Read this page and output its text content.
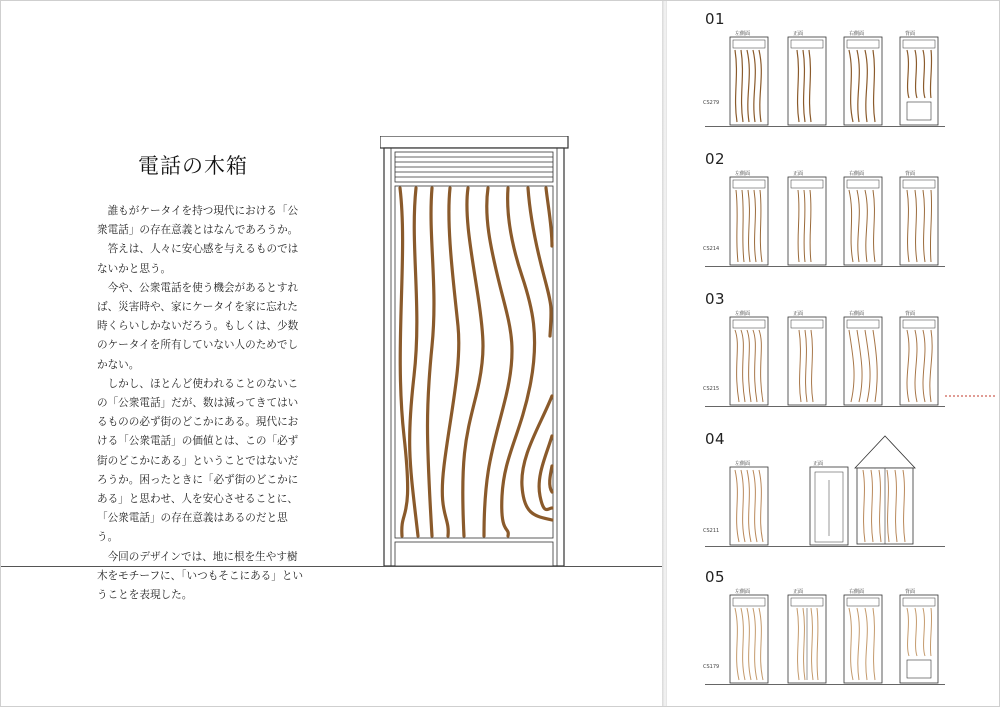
電話の木箱

　誰もがケータイを持つ現代における「公衆電話」の存在意義とはなんであろうか。

　答えは、人々に安心感を与えるものではないかと思う。

　今や、公衆電話を使う機会があるとすれば、災害時や、家にケータイを家に忘れた時くらいしかないだろう。もしくは、少数のケータイを所有していない人のためでしかない。

　しかし、ほとんど使われることのないこの「公衆電話」だが、数は減ってきてはいるものの必ず街のどこかにある。現代における「公衆電話」の価値とは、この「必ず街のどこかにある」ということではないだろうか。困ったときに「必ず街のどこかにある」と思わせ、人を安心させることに、「公衆電話」の存在意義はあるのだと思う。

　今回のデザインでは、地に根を生やす樹木をモチーフに、「いつもそこにある」ということを表現した。

01
左側面	正面	右側面	背面
CS279
02
左側面	正面	右側面	背面
CS214
03
左側面	正面	右側面	背面
CS215
04
左側面	正面
CS211
05
左側面	正面	右側面	背面
CS179
